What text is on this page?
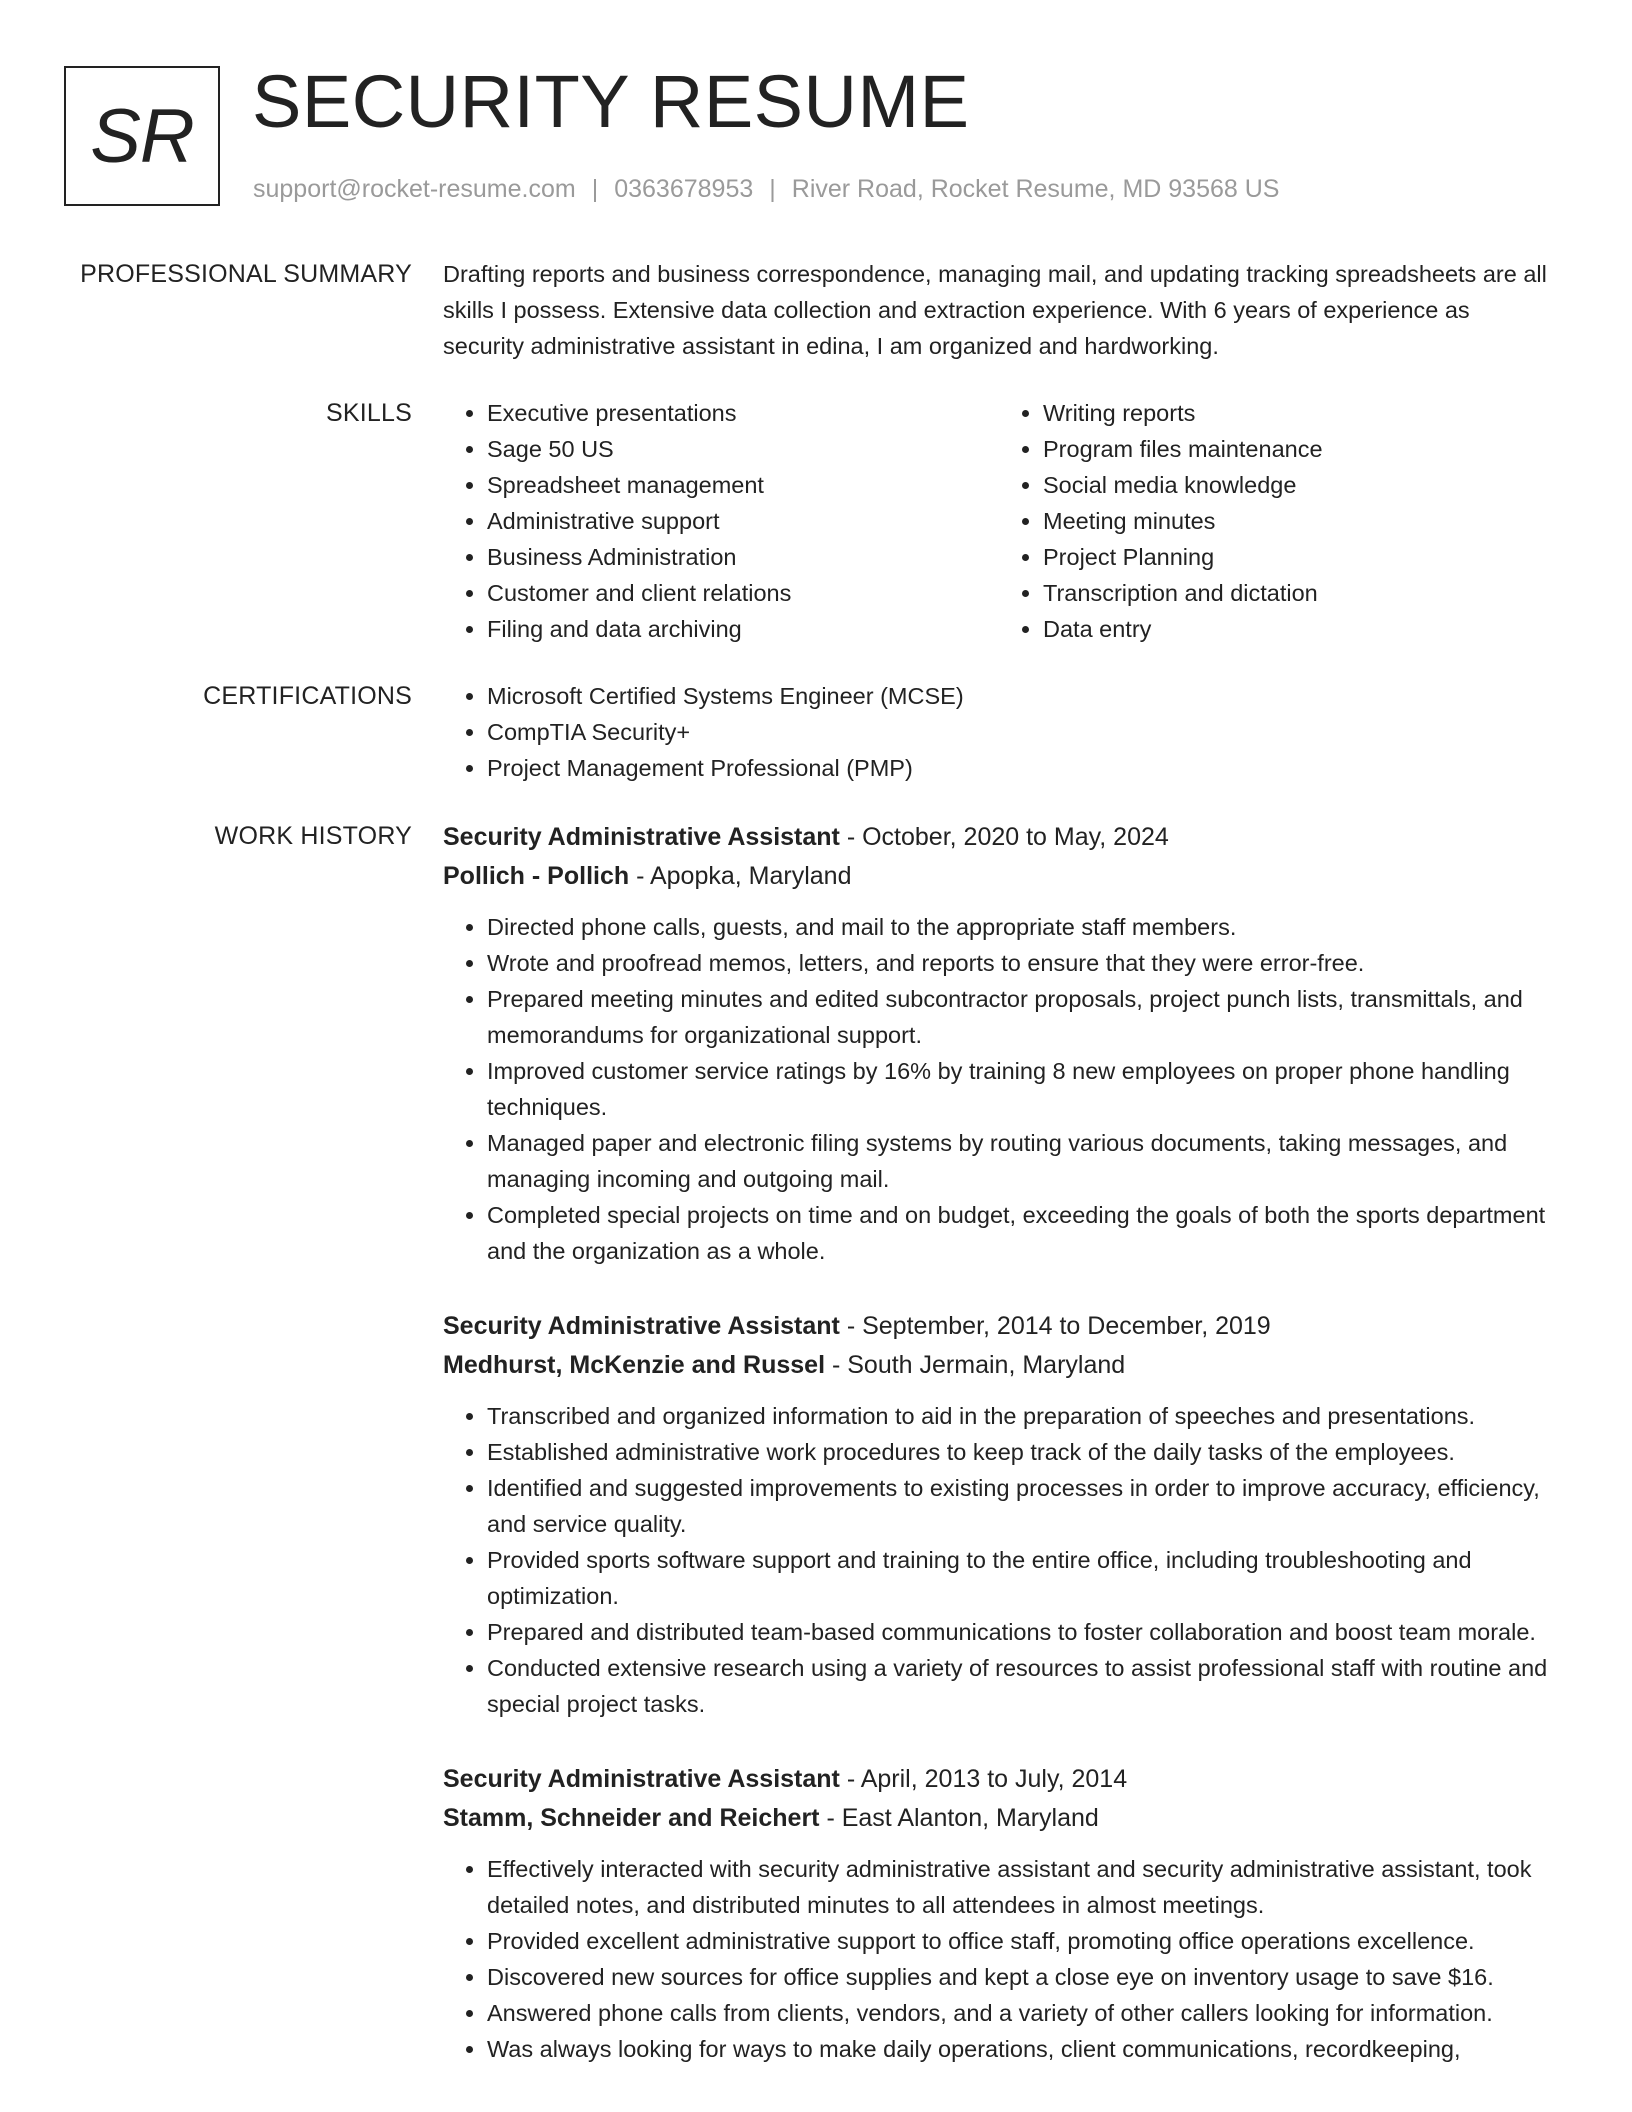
SR SECURITY RESUME
support@rocket-resume.com | 0363678953 | River Road, Rocket Resume, MD 93568 US
PROFESSIONAL SUMMARY Drafting reports and business correspondence, managing mail, and updating tracking spreadsheets are all skills I possess. Extensive data collection and extraction experience. With 6 years of experience as security administrative assistant in edina, I am organized and hardworking.
SKILLS	• Executive presentations
• Sage 50 US
• Spreadsheet management
• Administrative support
• Business Administration
• Customer and client relations
• Filing and data archiving
• Writing reports
• Program files maintenance
• Social media knowledge
• Meeting minutes
• Project Planning
• Transcription and dictation
• Data entry
CERTIFICATIONS	• Microsoft Certified Systems Engineer (MCSE)
• CompTIA Security+
• Project Management Professional (PMP)
WORK HISTORY Security Administrative Assistant - October, 2020 to May, 2024
Pollich - Pollich - Apopka, Maryland
• Directed phone calls, guests, and mail to the appropriate staff members.
• Wrote and proofread memos, letters, and reports to ensure that they were error-free.
• Prepared meeting minutes and edited subcontractor proposals, project punch lists, transmittals, and memorandums for organizational support.
• Improved customer service ratings by 16% by training 8 new employees on proper phone handling techniques.
• Managed paper and electronic filing systems by routing various documents, taking messages, and managing incoming and outgoing mail.
• Completed special projects on time and on budget, exceeding the goals of both the sports department and the organization as a whole.
Security Administrative Assistant - September, 2014 to December, 2019
Medhurst, McKenzie and Russel - South Jermain, Maryland
• Transcribed and organized information to aid in the preparation of speeches and presentations.
• Established administrative work procedures to keep track of the daily tasks of the employees.
• Identified and suggested improvements to existing processes in order to improve accuracy, efficiency, and service quality.
• Provided sports software support and training to the entire office, including troubleshooting and optimization.
• Prepared and distributed team-based communications to foster collaboration and boost team morale.
• Conducted extensive research using a variety of resources to assist professional staff with routine and special project tasks.
Security Administrative Assistant - April, 2013 to July, 2014
Stamm, Schneider and Reichert - East Alanton, Maryland
• Effectively interacted with security administrative assistant and security administrative assistant, took detailed notes, and distributed minutes to all attendees in almost meetings.
• Provided excellent administrative support to office staff, promoting office operations excellence.
• Discovered new sources for office supplies and kept a close eye on inventory usage to save $16.
• Answered phone calls from clients, vendors, and a variety of other callers looking for information.
• Was always looking for ways to make daily operations, client communications, recordkeeping,
